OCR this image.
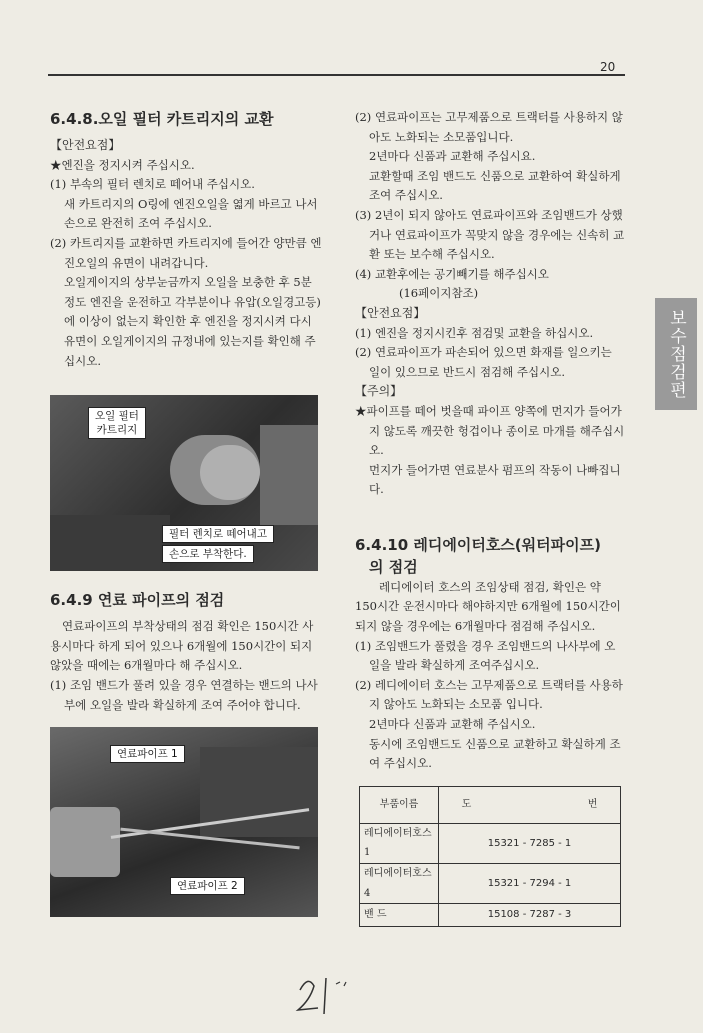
20
보수점검편
6.4.8.오일 필터 카트리지의 교환

【안전요점】

★엔진을 정지시켜 주십시오.

(1) 부속의 필터 렌치로 떼어내 주십시오.

새 카트리지의 O링에 엔진오일을 엷게 바르고 나서 손으로 완전히 조여 주십시오.

(2) 카트리지를 교환하면 카트리지에 들어간 양만큼 엔진오일의 유면이 내려갑니다.

오일게이지의 상부눈금까지 오일을 보충한 후 5분정도 엔진을 운전하고 각부분이나 유압(오일경고등)에 이상이 없는지 확인한 후 엔진을 정지시켜 다시 유면이 오일게이지의 규정내에 있는지를 확인해 주십시오.

오일 필터
카트리지
필터 렌치로 떼어내고
손으로 부착한다.
6.4.9 연료 파이프의 점검

연료파이프의 부착상태의 점검 확인은 150시간 사용시마다 하게 되어 있으나 6개월에 150시간이 되지 않았을 때에는 6개월마다 해 주십시오.

(1) 조임 밴드가 풀려 있을 경우 연결하는 밴드의 나사부에 오일을 발라 확실하게 조여 주어야 합니다.

연료파이프 1
연료파이프 2

(2) 연료파이프는 고무제품으로 트랙터를 사용하지 않아도 노화되는 소모품입니다.

2년마다 신품과 교환해 주십시요.

교환할때 조임 밴드도 신품으로 교환하여 확실하게 조여 주십시오.

(3) 2년이 되지 않아도 연료파이프와 조임밴드가 상했거나 연료파이프가 꼭맞지 않을 경우에는 신속히 교환 또는 보수해 주십시오.

(4) 교환후에는 공기빼기를 해주십시오

(16페이지참조)

【안전요점】

(1) 엔진을 정지시킨후 점검및 교환을 하십시오.

(2) 연료파이프가 파손되어 있으면 화재를 일으키는 일이 있으므로 반드시 점검해 주십시오.

【주의】

★파이프를 떼어 벗을때 파이프 양쪽에 먼지가 들어가지 않도록 깨끗한 헝겁이나 종이로 마개를 해주십시오.

먼지가 들어가면 연료분사 펌프의 작동이 나빠집니다.

6.4.10 레디에이터호스(워터파이프)
의 점검

레디에이터 호스의 조임상태 점검, 확인은 약 150시간 운전시마다 해야하지만 6개월에 150시간이 되지 않을 경우에는 6개월마다 점검해 주십시오.

(1) 조임밴드가 풀렸을 경우 조임밴드의 나사부에 오일을 발라 확실하게 조여주십시오.

(2) 레디에이터 호스는 고무제품으로 트랙터를 사용하지 않아도 노화되는 소모품 입니다.

2년마다 신품과 교환해 주십시오.

동시에 조임밴드도 신품으로 교환하고 확실하게 조여 주십시오.

부품이름	도 번
레디에이터호스1	15321 - 7285 - 1
레디에이터호스4	15321 - 7294 - 1
밴 드	15108 - 7287 - 3
